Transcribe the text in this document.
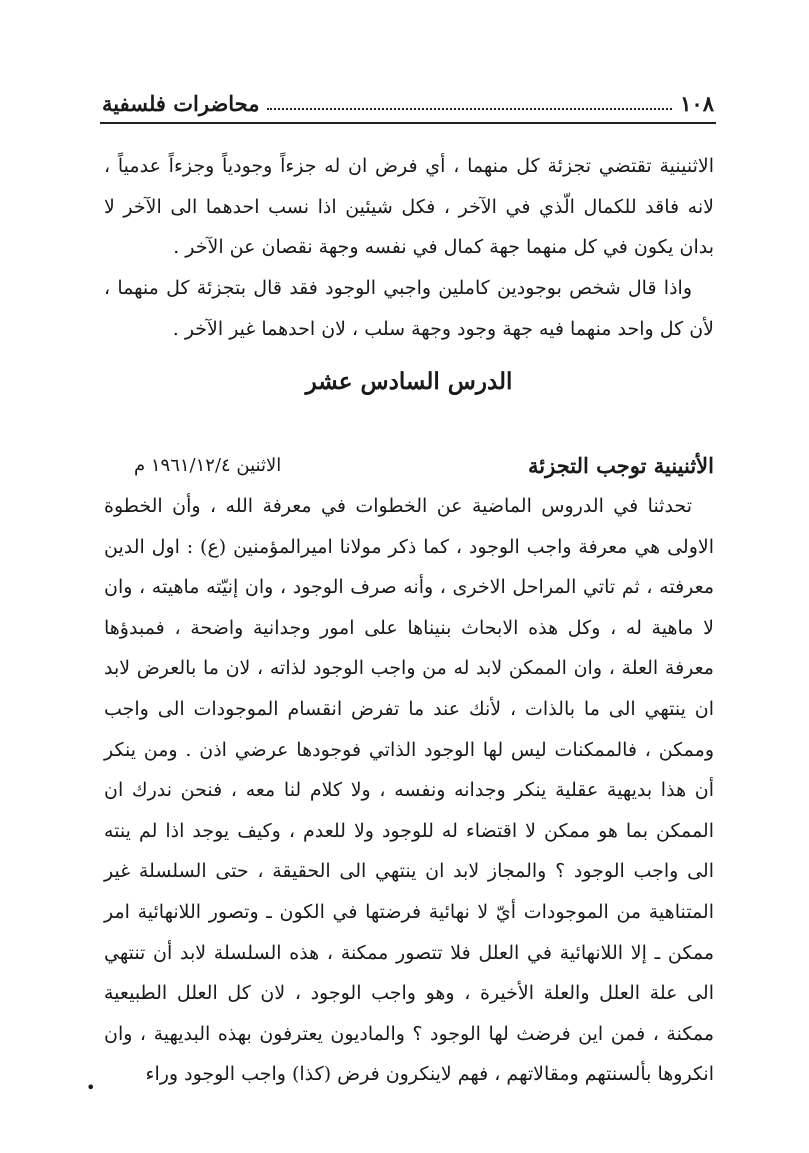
١٠٨
محاضرات فلسفية

الاثنينية تقتضي تجزئة كل منهما ، أي فرض ان له جزءاً وجودياً وجزءاً عدمياً ، لانه فاقد للكمال الّذي في الآخر ، فكل شيئين اذا نسب احدهما الى الآخر لا بدان يكون في كل منهما جهة كمال في نفسه وجهة نقصان عن الآخر .

واذا قال شخص بوجودين كاملين واجبي الوجود فقد قال بتجزئة كل منهما ، لأن كل واحد منهما فيه جهة وجود وجهة سلب ، لان احدهما غير الآخر .

الدرس السادس عشر
الأثنينية توجب التجزئة
الاثنين ١٩٦١/١٢/٤ م

تحدثنا في الدروس الماضية عن الخطوات في معرفة الله ، وأن الخطوة الاولى هي معرفة واجب الوجود ، كما ذكر مولانا اميرالمؤمنين (ع) : اول الدين معرفته ، ثم تاتي المراحل الاخرى ، وأنه صرف الوجود ، وان إنيّته ماهيته ، وان لا ماهية له ، وكل هذه الابحاث بنيناها على امور وجدانية واضحة ، فمبدؤها معرفة العلة ، وان الممكن لابد له من واجب الوجود لذاته ، لان ما بالعرض لابد ان ينتهي الى ما بالذات ، لأنك عند ما تفرض انقسام الموجودات الى واجب وممكن ، فالممكنات ليس لها الوجود الذاتي فوجودها عرضي اذن . ومن ينكر أن هذا بديهية عقلية ينكر وجدانه ونفسه ، ولا كلام لنا معه ، فنحن ندرك ان الممكن بما هو ممكن لا اقتضاء له للوجود ولا للعدم ، وكيف يوجد اذا لم ينته الى واجب الوجود ؟ والمجاز لابد ان ينتهي الى الحقيقة ، حتى السلسلة غير المتناهية من الموجودات أيّ لا نهائية فرضتها في الكون ـ وتصور اللانهائية امر ممكن ـ إلا اللانهائية في العلل فلا تتصور ممكنة ، هذه السلسلة لابد أن تنتهي الى علة العلل والعلة الأخيرة ، وهو واجب الوجود ، لان كل العلل الطبيعية ممكنة ، فمن اين فرضث لها الوجود ؟ والماديون يعترفون بهذه البديهية ، وان انكروها بألسنتهم ومقالاتهم ، فهم لاينكرون فرض (كذا) واجب الوجود وراء

•
